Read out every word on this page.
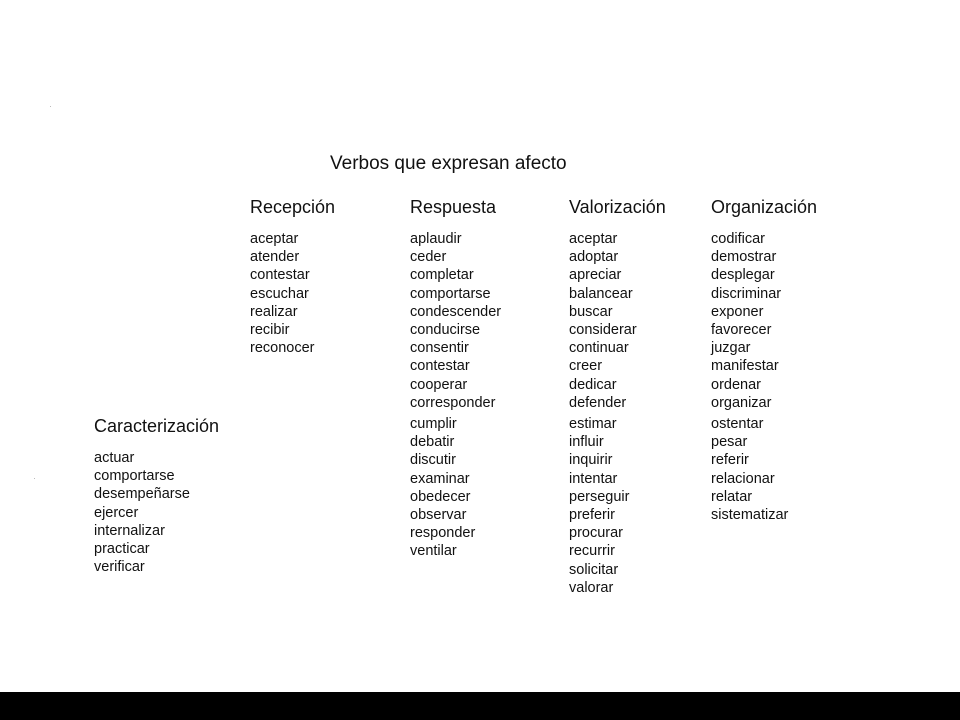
Verbos que expresan afecto
Recepción
aceptar
atender
contestar
escuchar
realizar
recibir
reconocer
Respuesta
aplaudir
ceder
completar
comportarse
condescender
conducirse
consentir
contestar
cooperar
corresponder
cumplir
debatir
discutir
examinar
obedecer
observar
responder
ventilar
Valorización
aceptar
adoptar
apreciar
balancear
buscar
considerar
continuar
creer
dedicar
defender
estimar
influir
inquirir
intentar
perseguir
preferir
procurar
recurrir
solicitar
valorar
Organización
codificar
demostrar
desplegar
discriminar
exponer
favorecer
juzgar
manifestar
ordenar
organizar
ostentar
pesar
referir
relacionar
relatar
sistematizar
Caracterización
actuar
comportarse
desempeñarse
ejercer
internalizar
practicar
verificar
